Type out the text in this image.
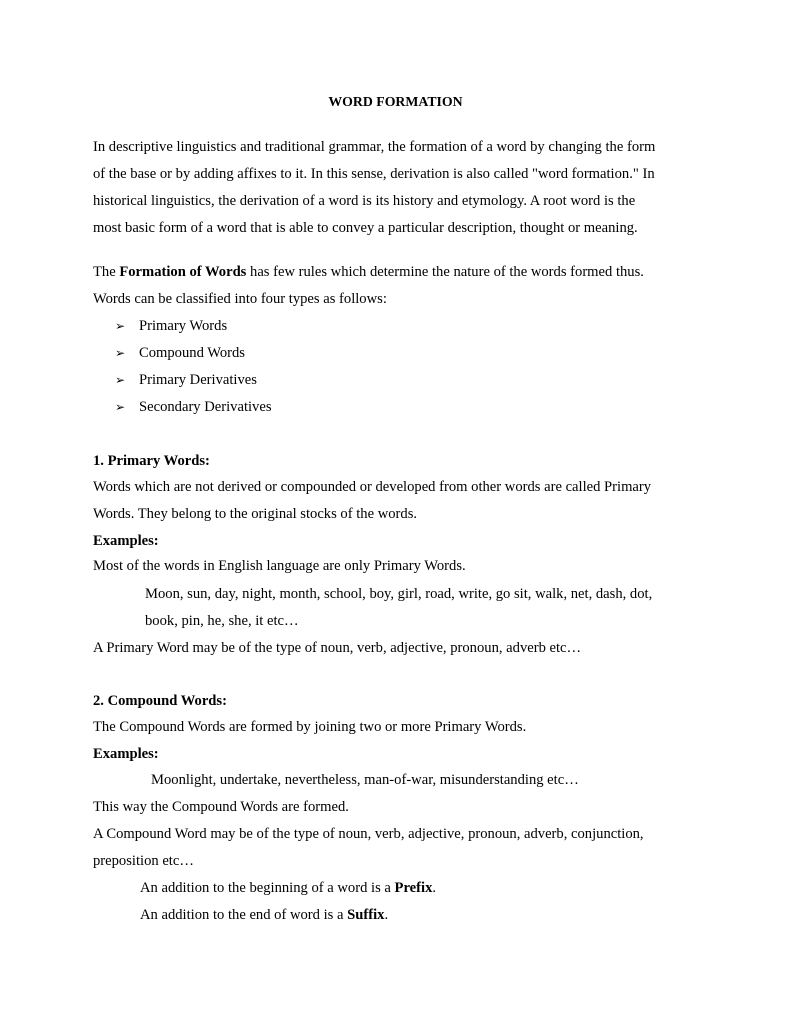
WORD FORMATION
In descriptive linguistics and traditional grammar, the formation of a word by changing the form
of the base or by adding affixes to it. In this sense, derivation is also called "word formation." In
historical linguistics, the derivation of a word is its history and etymology. A root word is the
most basic form of a word that is able to convey a particular description, thought or meaning.
The Formation of Words has few rules which determine the nature of the words formed thus.
Words can be classified into four types as follows:
➢ Primary Words
➢ Compound Words
➢ Primary Derivatives
➢ Secondary Derivatives
1. Primary Words:
Words which are not derived or compounded or developed from other words are called Primary
Words. They belong to the original stocks of the words.
Examples:
Most of the words in English language are only Primary Words.
Moon, sun, day, night, month, school, boy, girl, road, write, go sit, walk, net, dash, dot,
book, pin, he, she, it etc…
A Primary Word may be of the type of noun, verb, adjective, pronoun, adverb etc…
2. Compound Words:
The Compound Words are formed by joining two or more Primary Words.
Examples:
Moonlight, undertake, nevertheless, man-of-war, misunderstanding etc…
This way the Compound Words are formed.
A Compound Word may be of the type of noun, verb, adjective, pronoun, adverb, conjunction,
preposition etc…
An addition to the beginning of a word is a Prefix.
An addition to the end of word is a Suffix.
